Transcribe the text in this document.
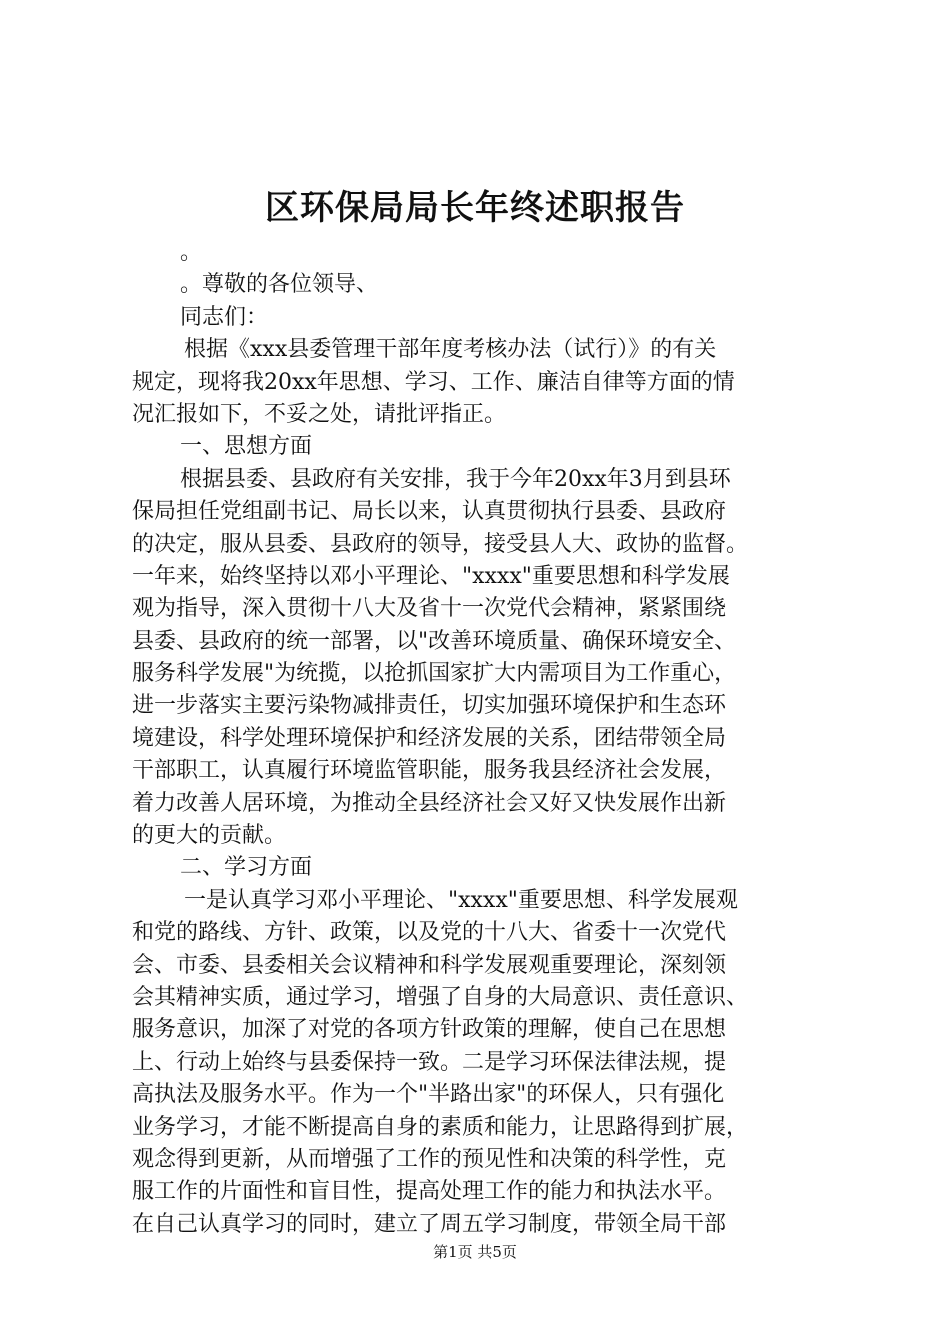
区环保局局长年终述职报告
。
。尊敬的各位领导、
同志们：
根据《xxx县委管理干部年度考核办法（试行）》的有关
规定，现将我20xx年思想、学习、工作、廉洁自律等方面的情
况汇报如下，不妥之处，请批评指正。
一、思想方面
根据县委、县政府有关安排，我于今年20xx年3月到县环
保局担任党组副书记、局长以来，认真贯彻执行县委、县政府
的决定，服从县委、县政府的领导，接受县人大、政协的监督。
一年来，始终坚持以邓小平理论、"xxxx"重要思想和科学发展
观为指导，深入贯彻十八大及省十一次党代会精神，紧紧围绕
县委、县政府的统一部署，以"改善环境质量、确保环境安全、
服务科学发展"为统揽，以抢抓国家扩大内需项目为工作重心，
进一步落实主要污染物减排责任，切实加强环境保护和生态环
境建设，科学处理环境保护和经济发展的关系，团结带领全局
干部职工，认真履行环境监管职能，服务我县经济社会发展，
着力改善人居环境，为推动全县经济社会又好又快发展作出新
的更大的贡献。
二、学习方面
一是认真学习邓小平理论、"xxxx"重要思想、科学发展观
和党的路线、方针、政策，以及党的十八大、省委十一次党代
会、市委、县委相关会议精神和科学发展观重要理论，深刻领
会其精神实质，通过学习，增强了自身的大局意识、责任意识、
服务意识，加深了对党的各项方针政策的理解，使自己在思想
上、行动上始终与县委保持一致。二是学习环保法律法规，提
高执法及服务水平。作为一个"半路出家"的环保人，只有强化
业务学习，才能不断提高自身的素质和能力，让思路得到扩展，
观念得到更新，从而增强了工作的预见性和决策的科学性，克
服工作的片面性和盲目性，提高处理工作的能力和执法水平。
在自己认真学习的同时，建立了周五学习制度，带领全局干部
第1页 共5页
